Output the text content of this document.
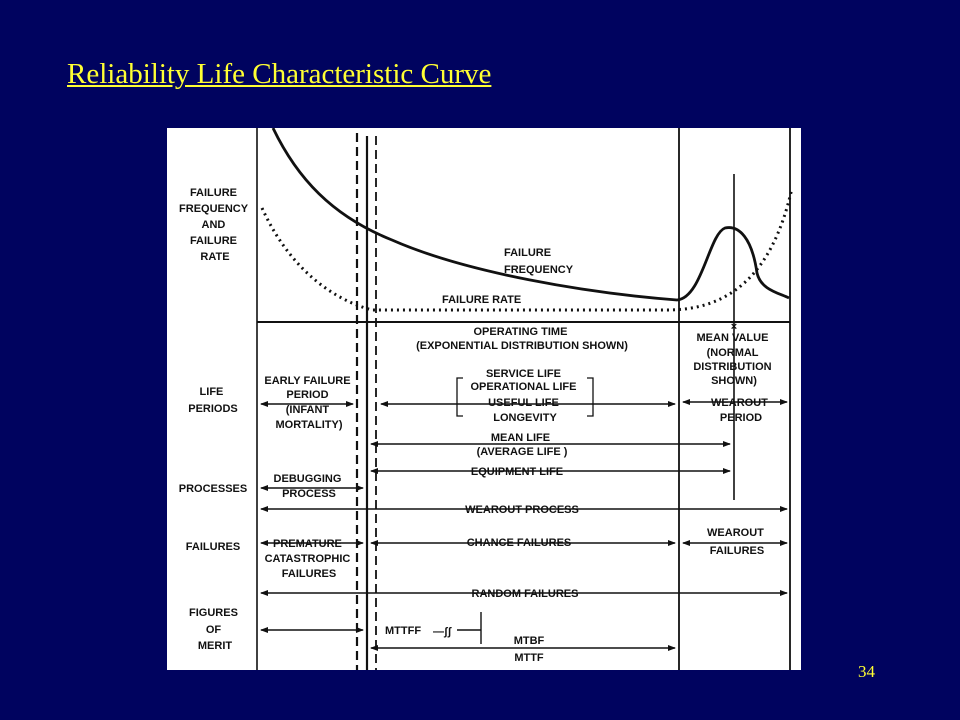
Reliability Life Characteristic Curve
×
FAILURE FREQUENCY AND FAILURE RATE
LIFE PERIODS
PROCESSES
FAILURES
FIGURES OF MERIT
FAILURE FREQUENCY
FAILURE RATE
OPERATING TIME (EXPONENTIAL DISTRIBUTION SHOWN)
MEAN VALUE (NORMAL DISTRIBUTION SHOWN)
EARLY FAILURE PERIOD (INFANT MORTALITY)
SERVICE LIFE OPERATIONAL LIFE USEFUL LIFE LONGEVITY
WEAROUT PERIOD
MEAN LIFE (AVERAGE LIFE )
EQUIPMENT LIFE
DEBUGGING PROCESS
WEAROUT PROCESS
PREMATURE CATASTROPHIC FAILURES
CHANCE FAILURES
WEAROUT FAILURES
RANDOM FAILURES
MTTFF —ʃʃ
MTBF
MTTF
34
